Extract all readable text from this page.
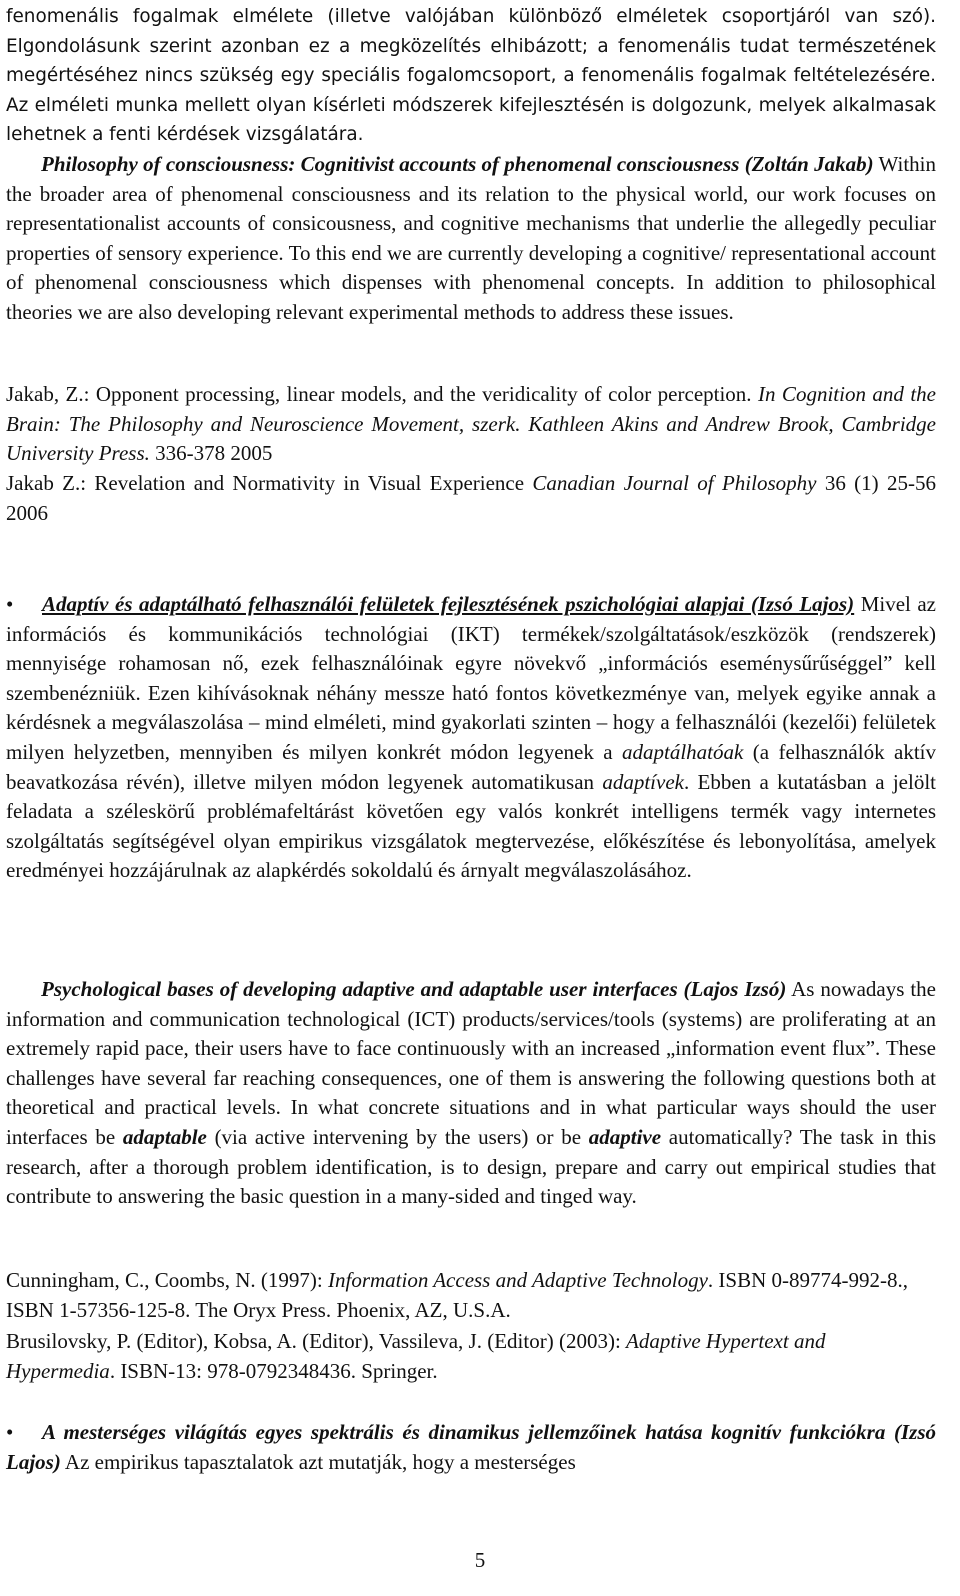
fenomenális fogalmak elmélete (illetve valójában különböző elméletek csoportjáról van szó). Elgondolásunk szerint azonban ez a megközelítés elhibázott; a fenomenális tudat természetének megértéséhez nincs szükség egy speciális fogalomcsoport, a fenomenális fogalmak feltételezésére. Az elméleti munka mellett olyan kísérleti módszerek kifejlesztésén is dolgozunk, melyek alkalmasak lehetnek a fenti kérdések vizsgálatára.

Philosophy of consciousness: Cognitivist accounts of phenomenal consciousness (Zoltán Jakab) Within the broader area of phenomenal consciousness and its relation to the physical world, our work focuses on representationalist accounts of consicousness, and cognitive mechanisms that underlie the allegedly peculiar properties of sensory experience. To this end we are currently developing a cognitive/ representational account of phenomenal consciousness which dispenses with phenomenal concepts. In addition to philosophical theories we are also developing relevant experimental methods to address these issues.

Jakab, Z.: Opponent processing, linear models, and the veridicality of color perception. In Cognition and the Brain: The Philosophy and Neuroscience Movement, szerk. Kathleen Akins and Andrew Brook, Cambridge University Press. 336-378 2005

Jakab Z.: Revelation and Normativity in Visual Experience Canadian Journal of Philosophy 36 (1) 25-56 2006

• Adaptív és adaptálható felhasználói felületek fejlesztésének pszichológiai alapjai (Izsó Lajos) Mivel az információs és kommunikációs technológiai (IKT) termékek/szolgáltatások/eszközök (rendszerek) mennyisége rohamosan nő, ezek felhasználóinak egyre növekvő „információs eseménysűrűséggel” kell szembenézniük. Ezen kihívásoknak néhány messze ható fontos következménye van, melyek egyike annak a kérdésnek a megválaszolása – mind elméleti, mind gyakorlati szinten – hogy a felhasználói (kezelői) felületek milyen helyzetben, mennyiben és milyen konkrét módon legyenek a adaptálhatóak (a felhasználók aktív beavatkozása révén), illetve milyen módon legyenek automatikusan adaptívek. Ebben a kutatásban a jelölt feladata a széleskörű problémafeltárást követően egy valós konkrét intelligens termék vagy internetes szolgáltatás segítségével olyan empirikus vizsgálatok megtervezése, előkészítése és lebonyolítása, amelyek eredményei hozzájárulnak az alapkérdés sokoldalú és árnyalt megválaszolásához.

Psychological bases of developing adaptive and adaptable user interfaces (Lajos Izsó) As nowadays the information and communication technological (ICT) products/services/tools (systems) are proliferating at an extremely rapid pace, their users have to face continuously with an increased „information event flux”. These challenges have several far reaching consequences, one of them is answering the following questions both at theoretical and practical levels. In what concrete situations and in what particular ways should the user interfaces be adaptable (via active intervening by the users) or be adaptive automatically? The task in this research, after a thorough problem identification, is to design, prepare and carry out empirical studies that contribute to answering the basic question in a many-sided and tinged way.

Cunningham, C., Coombs, N. (1997): Information Access and Adaptive Technology. ISBN 0-89774-992-8., ISBN 1-57356-125-8. The Oryx Press. Phoenix, AZ, U.S.A.

Brusilovsky, P. (Editor), Kobsa, A. (Editor), Vassileva, J. (Editor) (2003): Adaptive Hypertext and Hypermedia. ISBN-13: 978-0792348436. Springer.

• A mesterséges világítás egyes spektrális és dinamikus jellemzőinek hatása kognitív funkciókra (Izsó Lajos) Az empirikus tapasztalatok azt mutatják, hogy a mesterséges

5
